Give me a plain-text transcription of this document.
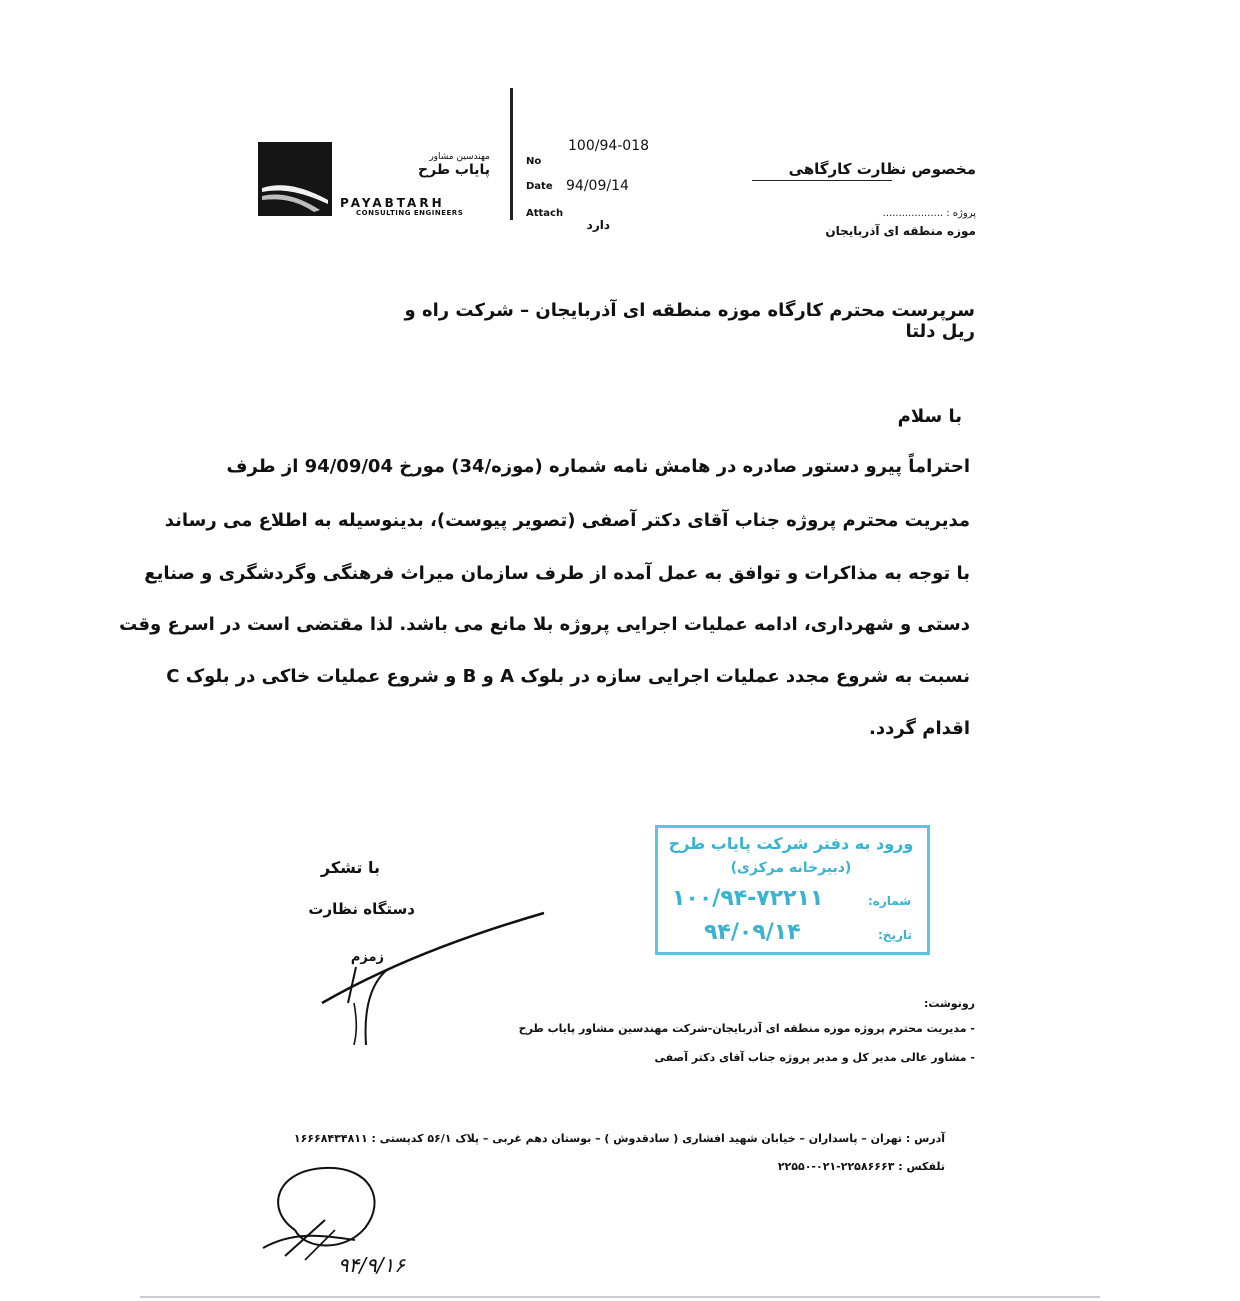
مهندسین مشاور
پایاب طرح
PAYABTARH
CONSULTING ENGINEERS
No
100/94-018
Date 94/09/14
Attach
دارد
مخصوص نظارت کارگاهی
پروژه : ...................
موزه منطقه ای آذربایجان
سرپرست محترم کارگاه موزه منطقه ای آذربایجان – شرکت راه و ریل دلتا
با سلام
احتراماً پیرو دستور صادره در هامش نامه شماره (موزه/34) مورخ 94/09/04 از طرف
مدیریت محترم پروژه جناب آقای دکتر آصفی (تصویر پیوست)، بدینوسیله به اطلاع می رساند
با توجه به مذاکرات و توافق به عمل آمده از طرف سازمان میراث فرهنگی وگردشگری و صنایع
دستی و شهرداری، ادامه عملیات اجرایی پروژه بلا مانع می باشد. لذا مقتضی است در اسرع وقت
نسبت به شروع مجدد عملیات اجرایی سازه در بلوک A و B و شروع عملیات خاکی در بلوک C
اقدام گردد.
با تشکر
دستگاه نظارت
زمزم
ورود به دفتر شرکت پایاب طرح
(دبیرخانه مرکزی)
شماره:
۱۰۰/۹۴-۷۲۲۱۱
تاریخ:
۹۴/۰۹/۱۴
رونوشت:
- مدیریت محترم پروژه موزه منطقه ای آذربایجان-شرکت مهندسین مشاور پایاب طرح
- مشاور عالی مدیر کل و مدیر پروژه جناب آقای دکتر آصفی
آدرس : تهران – پاسداران – خیابان شهید افشاری ( سادقدوش ) – بوستان دهم غربی – پلاک ۵۶/۱ کدپستی : ۱۶۶۶۸۴۳۴۸۱۱
تلفکس : ۲۲۵۸۶۶۶۳-۰۲۱-۲۲۵۵۰
۹۴/۹/۱۶
